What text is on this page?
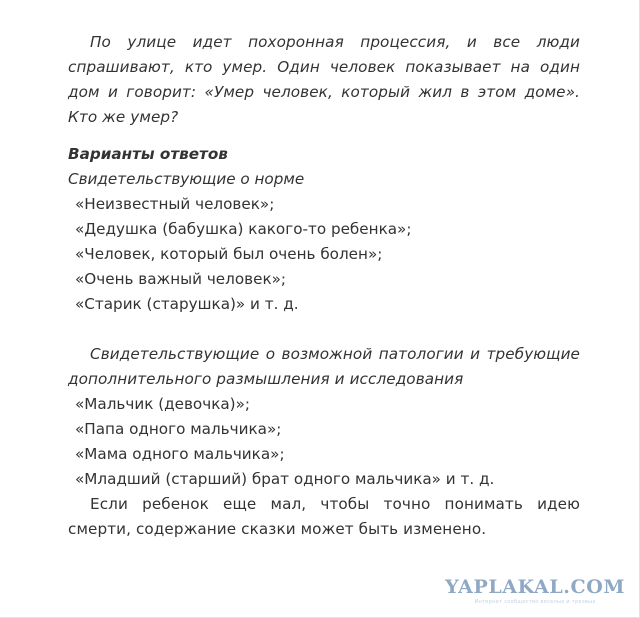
По улице идет похоронная процессия, и все люди спрашивают, кто умер. Один человек показывает на один дом и говорит: «Умер человек, который жил в этом доме». Кто же умер?

Варианты ответов
Свидетельствующие о норме
«Неизвестный человек»;
«Дедушка (бабушка) какого-то ребенка»;
«Человек, который был очень болен»;
«Очень важный человек»;
«Старик (старушка)» и т. д.

Свидетельствующие о возможной патологии и требующие дополнительного размышления и исследования

«Мальчик (девочка)»;
«Папа одного мальчика»;
«Мама одного мальчика»;
«Младший (старший) брат одного мальчика» и т. д.

Если ребенок еще мал, чтобы точно понимать идею смерти, содержание сказки может быть изменено.

YAPLAKAL.COM
Интернет сообщество веселых и трезвых
